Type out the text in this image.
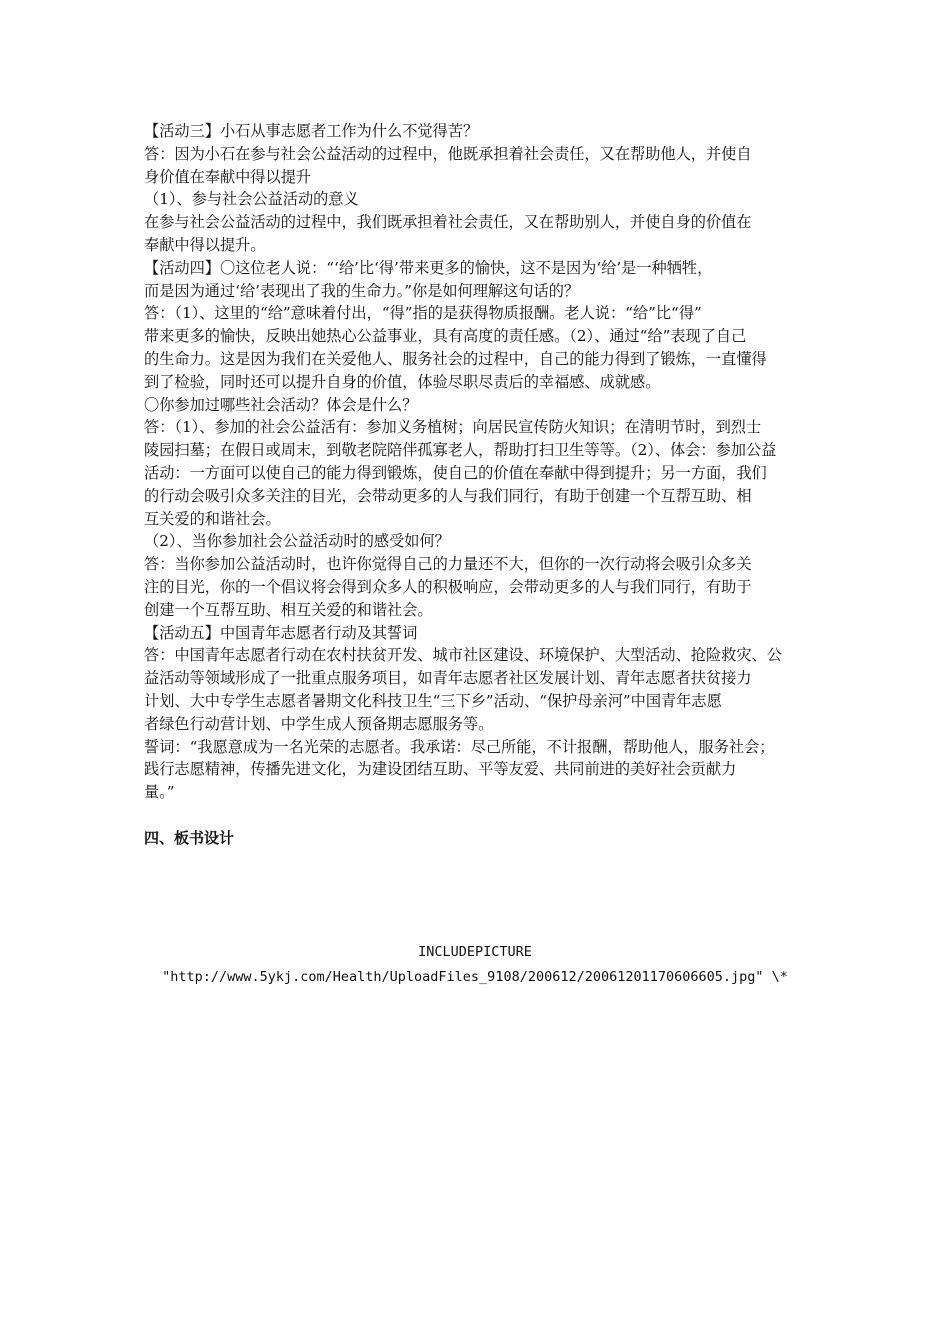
【活动三】小石从事志愿者工作为什么不觉得苦？
答：因为小石在参与社会公益活动的过程中，他既承担着社会责任，又在帮助他人，并使自
身价值在奉献中得以提升
（1）、参与社会公益活动的意义
在参与社会公益活动的过程中，我们既承担着社会责任，又在帮助别人，并使自身的价值在
奉献中得以提升。
【活动四】〇这位老人说：“‘给’比‘得’带来更多的愉快，这不是因为‘给’是一种牺牲，
而是因为通过‘给’表现出了我的生命力。”你是如何理解这句话的？
答：（1）、这里的“给”意味着付出，“得”指的是获得物质报酬。老人说：“给”比“得”
带来更多的愉快，反映出她热心公益事业，具有高度的责任感。（2）、通过“给”表现了自己
的生命力。这是因为我们在关爱他人、服务社会的过程中，自己的能力得到了锻炼，一直懂得
到了检验，同时还可以提升自身的价值，体验尽职尽责后的幸福感、成就感。
〇你参加过哪些社会活动？体会是什么？
答：（1）、参加的社会公益活有：参加义务植树；向居民宣传防火知识；在清明节时，到烈士
陵园扫墓；在假日或周末，到敬老院陪伴孤寡老人，帮助打扫卫生等等。（2）、体会：参加公益
活动：一方面可以使自己的能力得到锻炼，使自己的价值在奉献中得到提升；另一方面，我们
的行动会吸引众多关注的目光，会带动更多的人与我们同行，有助于创建一个互帮互助、相
互关爱的和谐社会。
（2）、当你参加社会公益活动时的感受如何？
答：当你参加公益活动时，也许你觉得自己的力量还不大，但你的一次行动将会吸引众多关
注的目光，你的一个倡议将会得到众多人的积极响应，会带动更多的人与我们同行，有助于
创建一个互帮互助、相互关爱的和谐社会。
【活动五】中国青年志愿者行动及其誓词
答：中国青年志愿者行动在农村扶贫开发、城市社区建设、环境保护、大型活动、抢险救灾、公
益活动等领域形成了一批重点服务项目，如青年志愿者社区发展计划、青年志愿者扶贫接力
计划、大中专学生志愿者暑期文化科技卫生“三下乡”活动、“保护母亲河”中国青年志愿
者绿色行动营计划、中学生成人预备期志愿服务等。
誓词：“我愿意成为一名光荣的志愿者。我承诺：尽己所能，不计报酬，帮助他人，服务社会；
践行志愿精神，传播先进文化，为建设团结互助、平等友爱、共同前进的美好社会贡献力
量。”
四、板书设计
INCLUDEPICTURE
"http://www.5ykj.com/Health/UploadFiles_9108/200612/20061201170606605.jpg" \*
